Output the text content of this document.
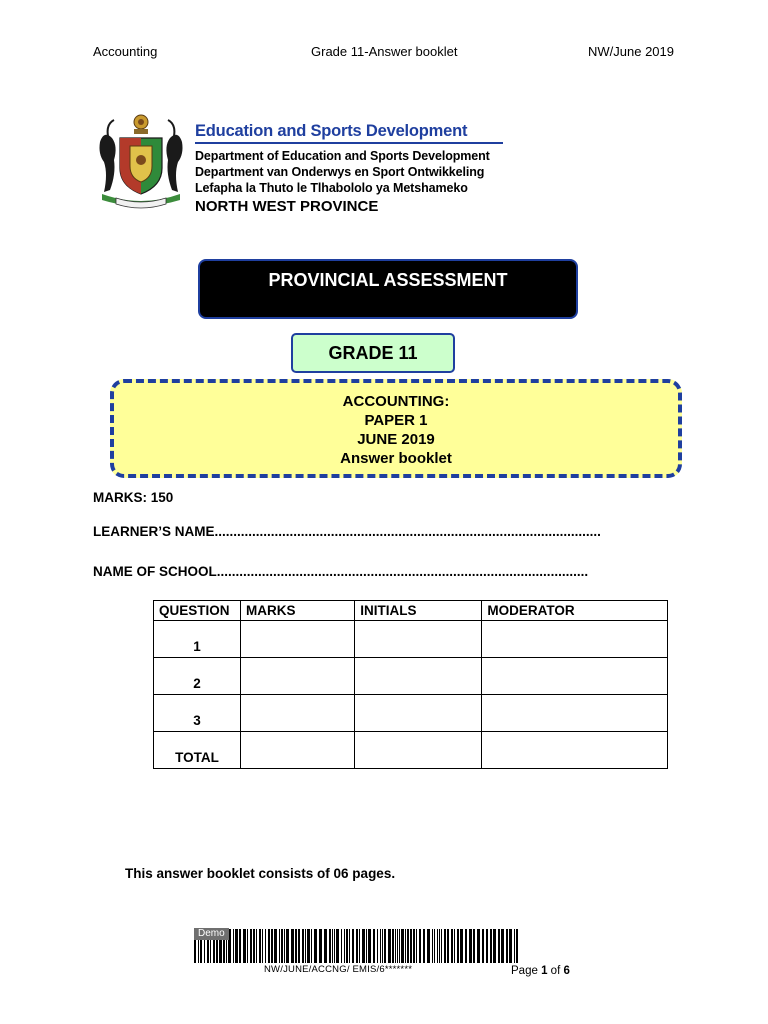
Accounting	Grade 11-Answer booklet	NW/June 2019
Education and Sports Development
Department of Education and Sports Development
Department van Onderwys en Sport Ontwikkeling
Lefapha la Thuto le Tlhabololo ya Metshameko
NORTH WEST PROVINCE
PROVINCIAL ASSESSMENT
GRADE 11
ACCOUNTING:
PAPER 1
JUNE 2019
Answer booklet
MARKS: 150
LEARNER’S NAME.......................................................................................................
NAME OF SCHOOL...................................................................................................
QUESTION	MARKS	INITIALS	MODERATOR
1			
2			
3			
TOTAL			
This answer booklet consists of 06 pages.
Demo
NW/JUNE/ACCNG/ EMIS/6*******	Page 1 of 6
